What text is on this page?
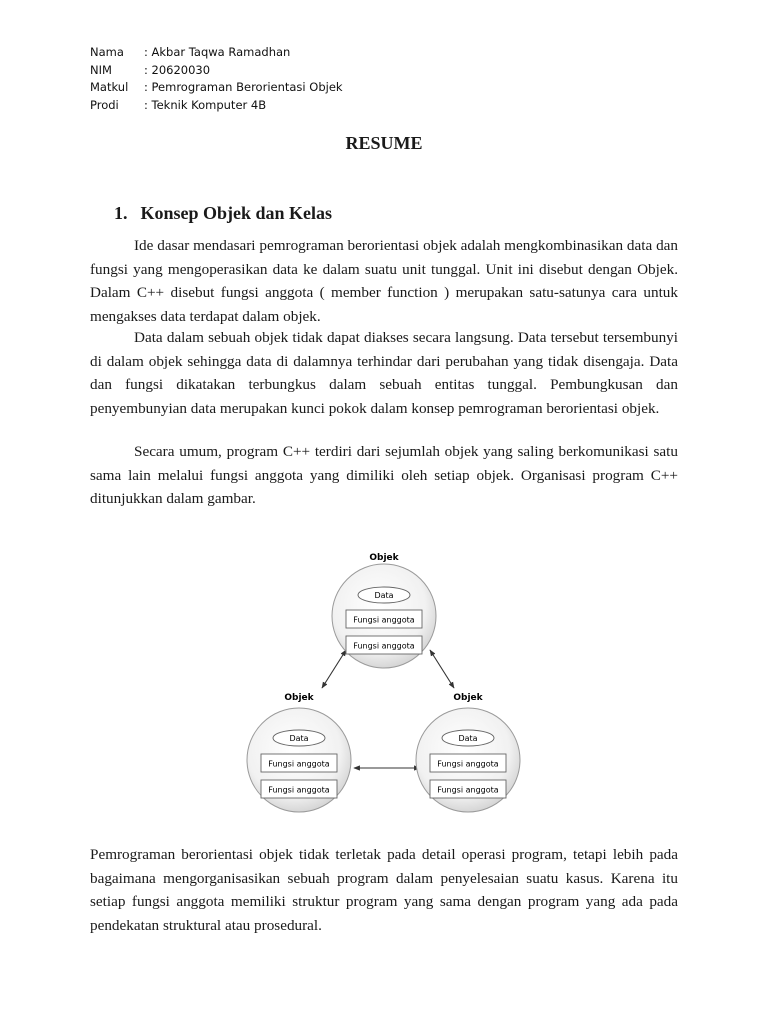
Nama	: Akbar Taqwa Ramadhan
NIM	: 20620030
Matkul	: Pemrograman Berorientasi Objek
Prodi	: Teknik Komputer 4B
RESUME
1. Konsep Objek dan Kelas

Ide dasar mendasari pemrograman berorientasi objek adalah mengkombinasikan data dan fungsi yang mengoperasikan data ke dalam suatu unit tunggal. Unit ini disebut dengan Objek. Dalam C++ disebut fungsi anggota ( member function ) merupakan satu-satunya cara untuk mengakses data terdapat dalam objek.

Data dalam sebuah objek tidak dapat diakses secara langsung. Data tersebut tersembunyi di dalam objek sehingga data di dalamnya terhindar dari perubahan yang tidak disengaja. Data dan fungsi dikatakan terbungkus dalam sebuah entitas tunggal. Pembungkusan dan penyembunyian data merupakan kunci pokok dalam konsep pemrograman berorientasi objek.

Secara umum, program C++ terdiri dari sejumlah objek yang saling berkomunikasi satu sama lain melalui fungsi anggota yang dimiliki oleh setiap objek. Organisasi program C++ ditunjukkan dalam gambar.

Objek
Data
Fungsi anggota
Fungsi anggota
Objek
Data
Fungsi anggota
Fungsi anggota
Objek
Data
Fungsi anggota
Fungsi anggota

Pemrograman berorientasi objek tidak terletak pada detail operasi program, tetapi lebih pada bagaimana mengorganisasikan sebuah program dalam penyelesaian suatu kasus. Karena itu setiap fungsi anggota memiliki struktur program yang sama dengan program yang ada pada pendekatan struktural atau prosedural.
